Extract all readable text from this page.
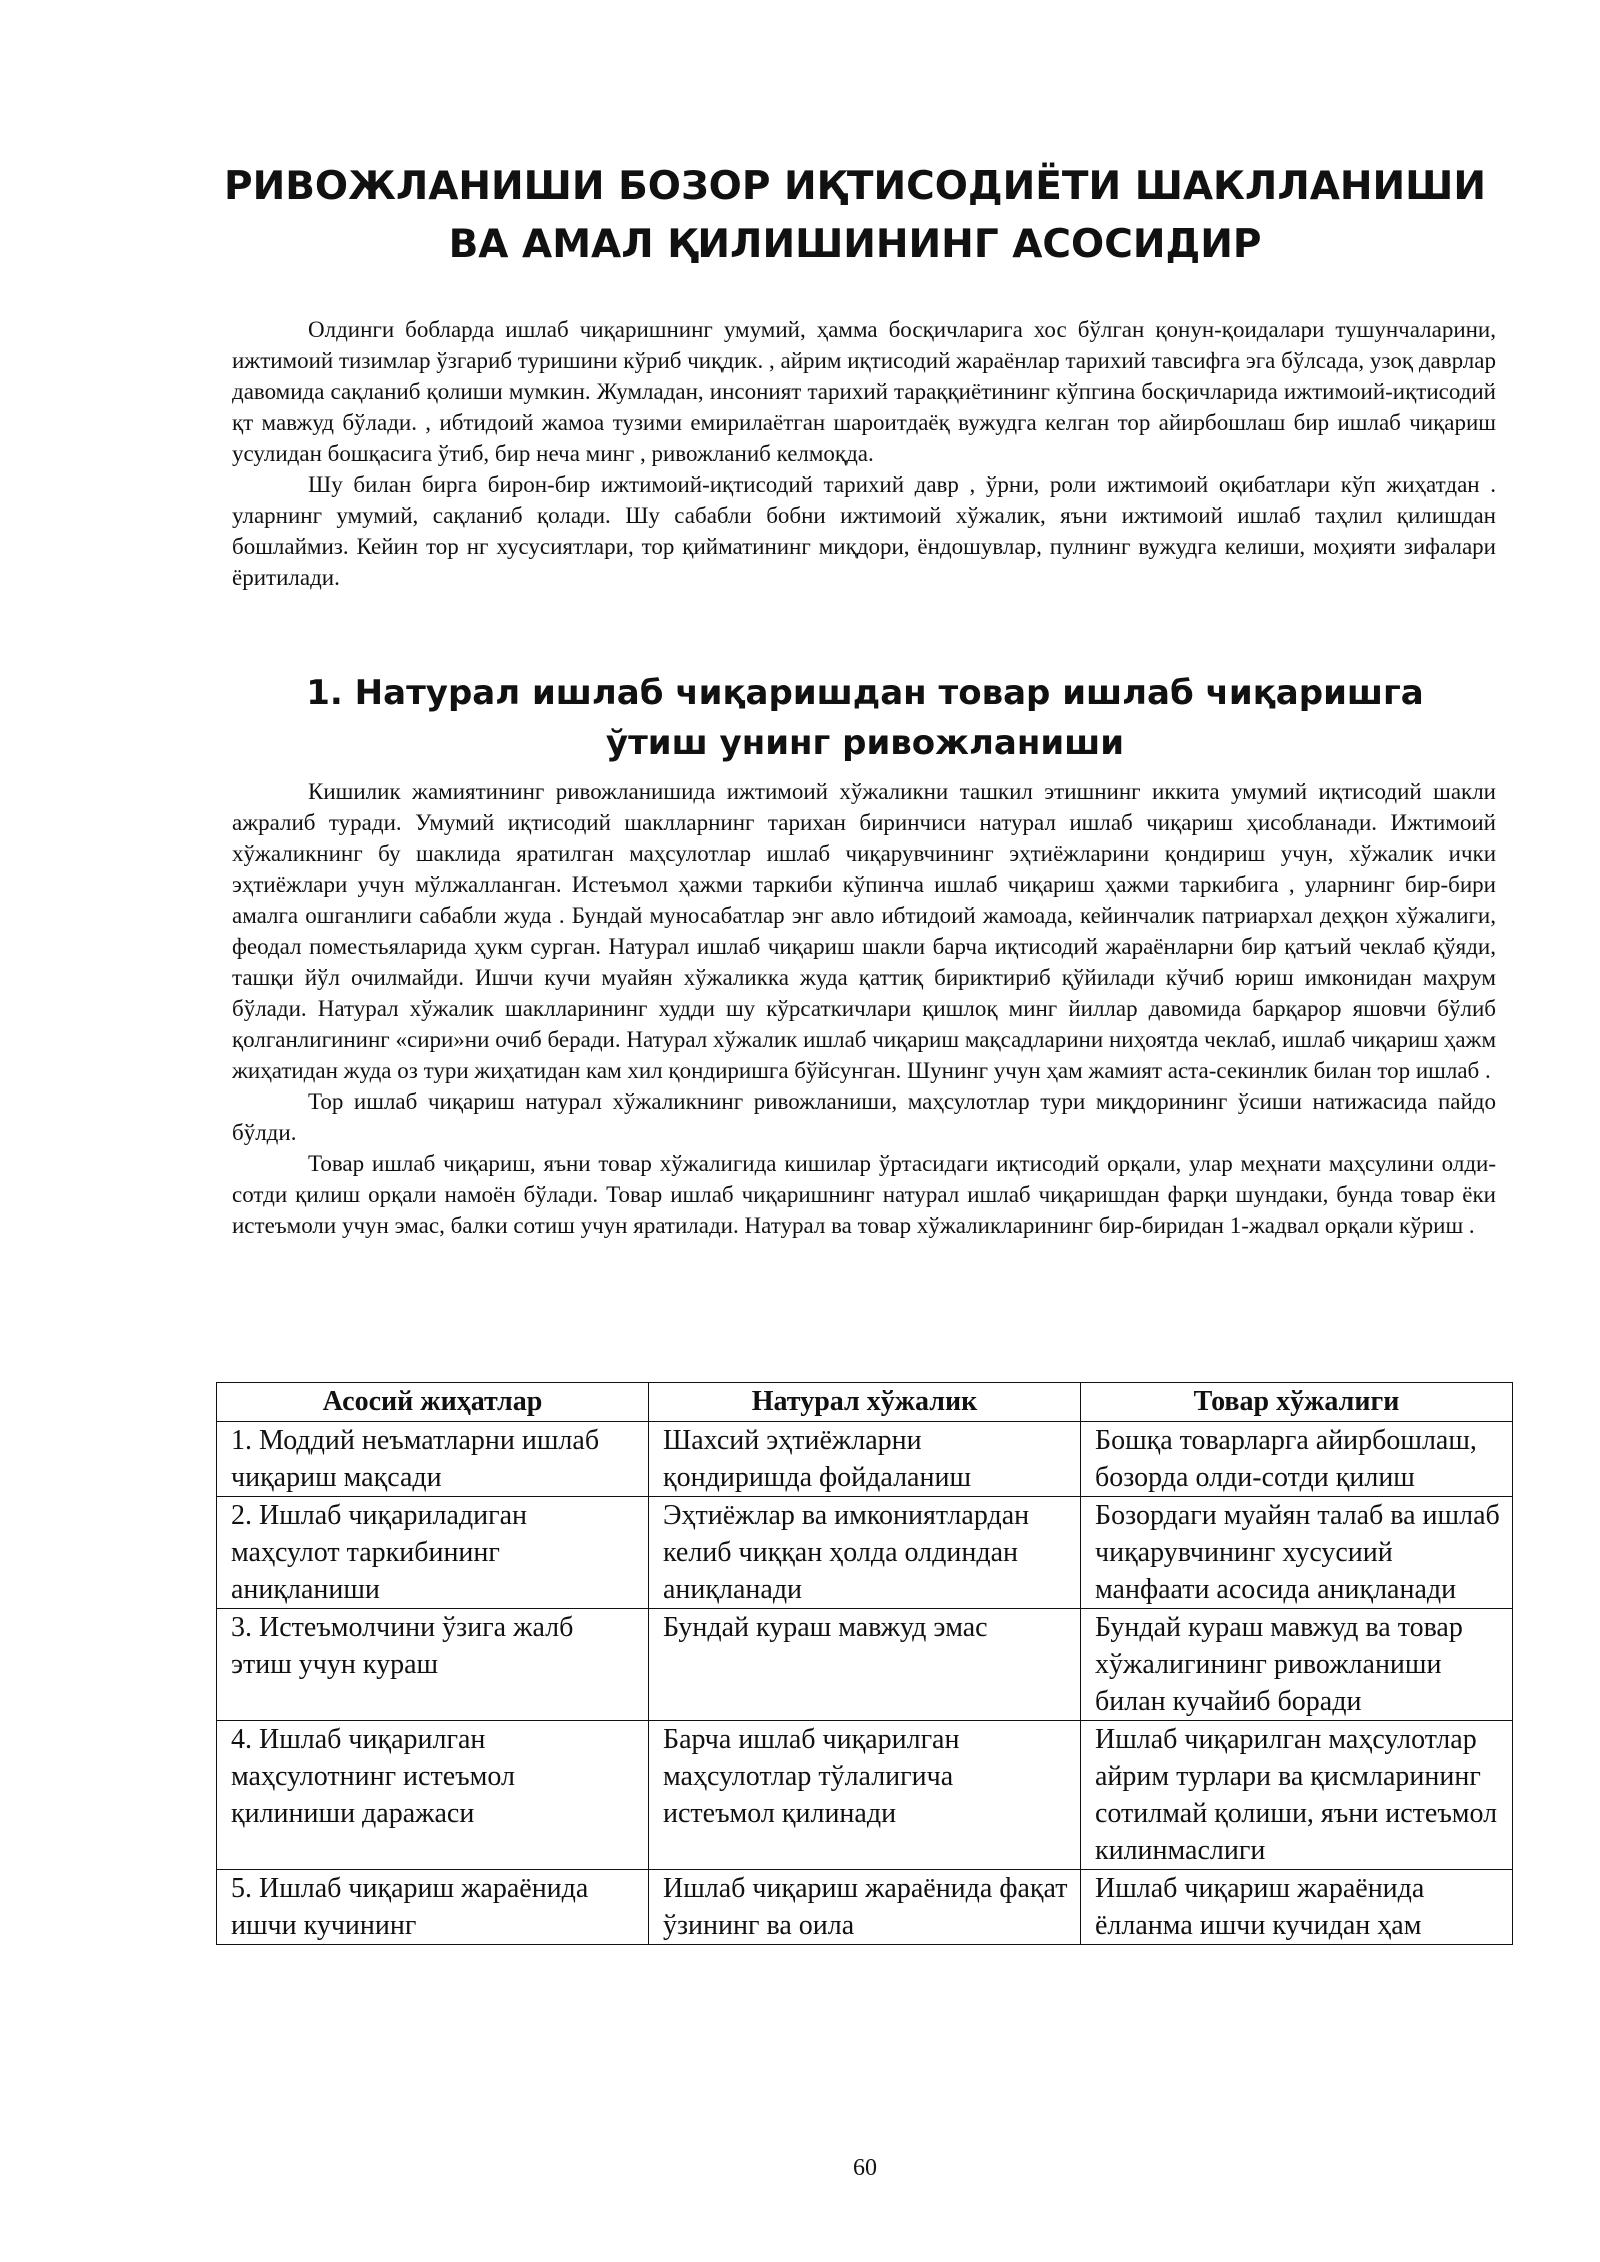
РИВОЖЛАНИШИ БОЗОР ИҚТИСОДИЁТИ ШАКЛЛАНИШИ
ВА АМАЛ ҚИЛИШИНИНГ АСОСИДИР

Олдинги бобларда ишлаб чиқаришнинг умумий, ҳамма босқичларига хос бўлган қонун-қоидалари тушунчаларини, ижтимоий тизимлар ўзгариб туришини кўриб чиқдик. , айрим иқтисодий жараёнлар тарихий тавсифга эга бўлсада, узоқ даврлар давомида сақланиб қолиши мумкин. Жумладан, инсоният тарихий тараққиётининг кўпгина босқичларида ижтимоий-иқтисодий қт мавжуд бўлади. , ибтидоий жамоа тузими емирилаётган шароитдаёқ вужудга келган тор айирбошлаш бир ишлаб чиқариш усулидан бошқасига ўтиб, бир неча минг , ривожланиб келмоқда.

Шу билан бирга бирон-бир ижтимоий-иқтисодий тарихий давр , ўрни, роли ижтимоий оқибатлари кўп жиҳатдан . уларнинг умумий, сақланиб қолади. Шу сабабли бобни ижтимоий хўжалик, яъни ижтимоий ишлаб таҳлил қилишдан бошлаймиз. Кейин тор нг хусусиятлари, тор қийматининг миқдори, ёндошувлар, пулнинг вужудга келиши, моҳияти зифалари ёритилади.

1. Натурал ишлаб чиқаришдан товар ишлаб чиқаришга
ўтиш унинг ривожланиши

Кишилик жамиятининг ривожланишида ижтимоий хўжаликни ташкил этишнинг иккита умумий иқтисодий шакли ажралиб туради. Умумий иқтисодий шаклларнинг тарихан биринчиси натурал ишлаб чиқариш ҳисобланади. Ижтимоий хўжаликнинг бу шаклида яратилган маҳсулотлар ишлаб чиқарувчининг эҳтиёжларини қондириш учун, хўжалик ички эҳтиёжлари учун мўлжалланган. Истеъмол ҳажми таркиби кўпинча ишлаб чиқариш ҳажми таркибига , уларнинг бир-бири амалга ошганлиги сабабли жуда . Бундай муносабатлар энг авло ибтидоий жамоада, кейинчалик патриархал деҳқон хўжалиги, феодал поместьяларида ҳукм сурган. Натурал ишлаб чиқариш шакли барча иқтисодий жараёнларни бир қатъий чеклаб қўяди, ташқи йўл очилмайди. Ишчи кучи муайян хўжаликка жуда қаттиқ бириктириб қўйилади кўчиб юриш имконидан маҳрум бўлади. Натурал хўжалик шаклларининг худди шу кўрсаткичлари қишлоқ минг йиллар давомида барқарор яшовчи бўлиб қолганлигининг «сири»ни очиб беради. Натурал хўжалик ишлаб чиқариш мақсадларини ниҳоятда чеклаб, ишлаб чиқариш ҳажм жиҳатидан жуда оз тури жиҳатидан кам хил қондиришга бўйсунган. Шунинг учун ҳам жамият аста-секинлик билан тор ишлаб .

Тор ишлаб чиқариш натурал хўжаликнинг ривожланиши, маҳсулотлар тури миқдорининг ўсиши натижасида пайдо бўлди.

Товар ишлаб чиқариш, яъни товар хўжалигида кишилар ўртасидаги иқтисодий орқали, улар меҳнати маҳсулини олди-сотди қилиш орқали намоён бўлади. Товар ишлаб чиқаришнинг натурал ишлаб чиқаришдан фарқи шундаки, бунда товар ёки истеъмоли учун эмас, балки сотиш учун яратилади. Натурал ва товар хўжаликларининг бир-биридан 1-жадвал орқали кўриш .

Асосий жиҳатлар	Натурал хўжалик	Товар хўжалиги
1. Моддий неъматларни ишлаб чиқариш мақсади	Шахсий эҳтиёжларни қондиришда фойдаланиш	Бошқа товарларга айирбошлаш, бозорда олди-сотди қилиш
2. Ишлаб чиқариладиган маҳсулот таркибининг аниқланиши	Эҳтиёжлар ва имкониятлардан келиб чиққан ҳолда олдиндан аниқланади	Бозордаги муайян талаб ва ишлаб чиқарувчининг хусусиий манфаати асосида аниқланади
3. Истеъмолчини ўзига жалб этиш учун кураш	Бундай кураш мавжуд эмас	Бундай кураш мавжуд ва товар хўжалигининг ривожланиши билан кучайиб боради
4. Ишлаб чиқарилган маҳсулотнинг истеъмол қилиниши даражаси	Барча ишлаб чиқарилган маҳсулотлар тўлалигича истеъмол қилинади	Ишлаб чиқарилган маҳсулотлар айрим турлари ва қисмларининг сотилмай қолиши, яъни истеъмол килинмаслиги
5. Ишлаб чиқариш жараёнида ишчи кучининг	Ишлаб чиқариш жараёнида фақат ўзининг ва оила	Ишлаб чиқариш жараёнида ёлланма ишчи кучидан ҳам
60
